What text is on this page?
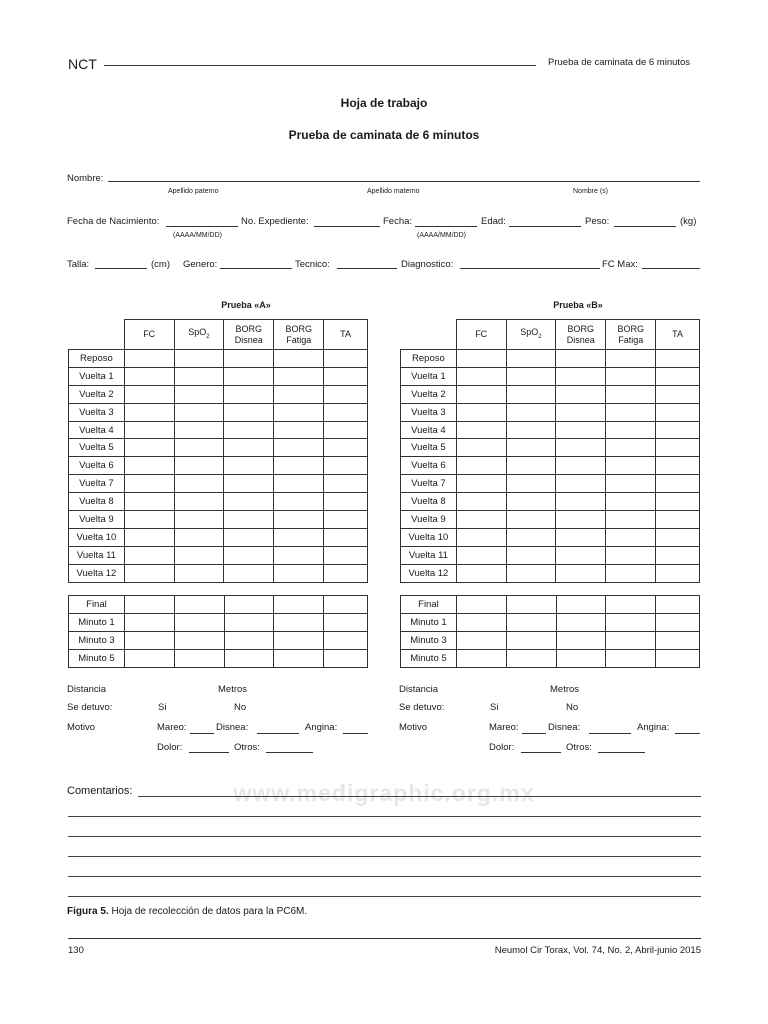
NCT	Prueba de caminata de 6 minutos
Hoja de trabajo
Prueba de caminata de 6 minutos
Nombre:
Apellido paterno	Apellido materno	Nombre (s)
Fecha de Nacimiento:	No. Expediente:	Fecha:	Edad:	Peso:	(kg)
(AAAA/MM/DD)	(AAAA/MM/DD)
Talla:	(cm) Genero:	Tecnico:	Diagnostico:	FC Max:
Prueba «A»
	FC	SpO$_2$	BORG Disnea	BORG Fatiga	TA
Reposo					
Vuelta 1					
Vuelta 2					
Vuelta 3					
Vuelta 4					
Vuelta 5					
Vuelta 6					
Vuelta 7					
Vuelta 8					
Vuelta 9					
Vuelta 10					
Vuelta 11					
Vuelta 12					
Final					
Minuto 1					
Minuto 3					
Minuto 5					
Distancia	Metros
Se detuvo:	Si	No
Motivo	Mareo:	Disnea:	Angina:
Dolor:	Otros:
Prueba «B»
	FC	SpO$_2$	BORG Disnea	BORG Fatiga	TA
Reposo					
Vuelta 1					
Vuelta 2					
Vuelta 3					
Vuelta 4					
Vuelta 5					
Vuelta 6					
Vuelta 7					
Vuelta 8					
Vuelta 9					
Vuelta 10					
Vuelta 11					
Vuelta 12					
Final					
Minuto 1					
Minuto 3					
Minuto 5					
Distancia	Metros
Se detuvo:	Si	No
Motivo	Mareo:	Disnea:	Angina:
Dolor:	Otros:
www.medigraphic.org.mx
Comentarios:
Figura 5. Hoja de recolección de datos para la PC6M.
130	Neumol Cir Torax, Vol. 74, No. 2, Abril-junio 2015
